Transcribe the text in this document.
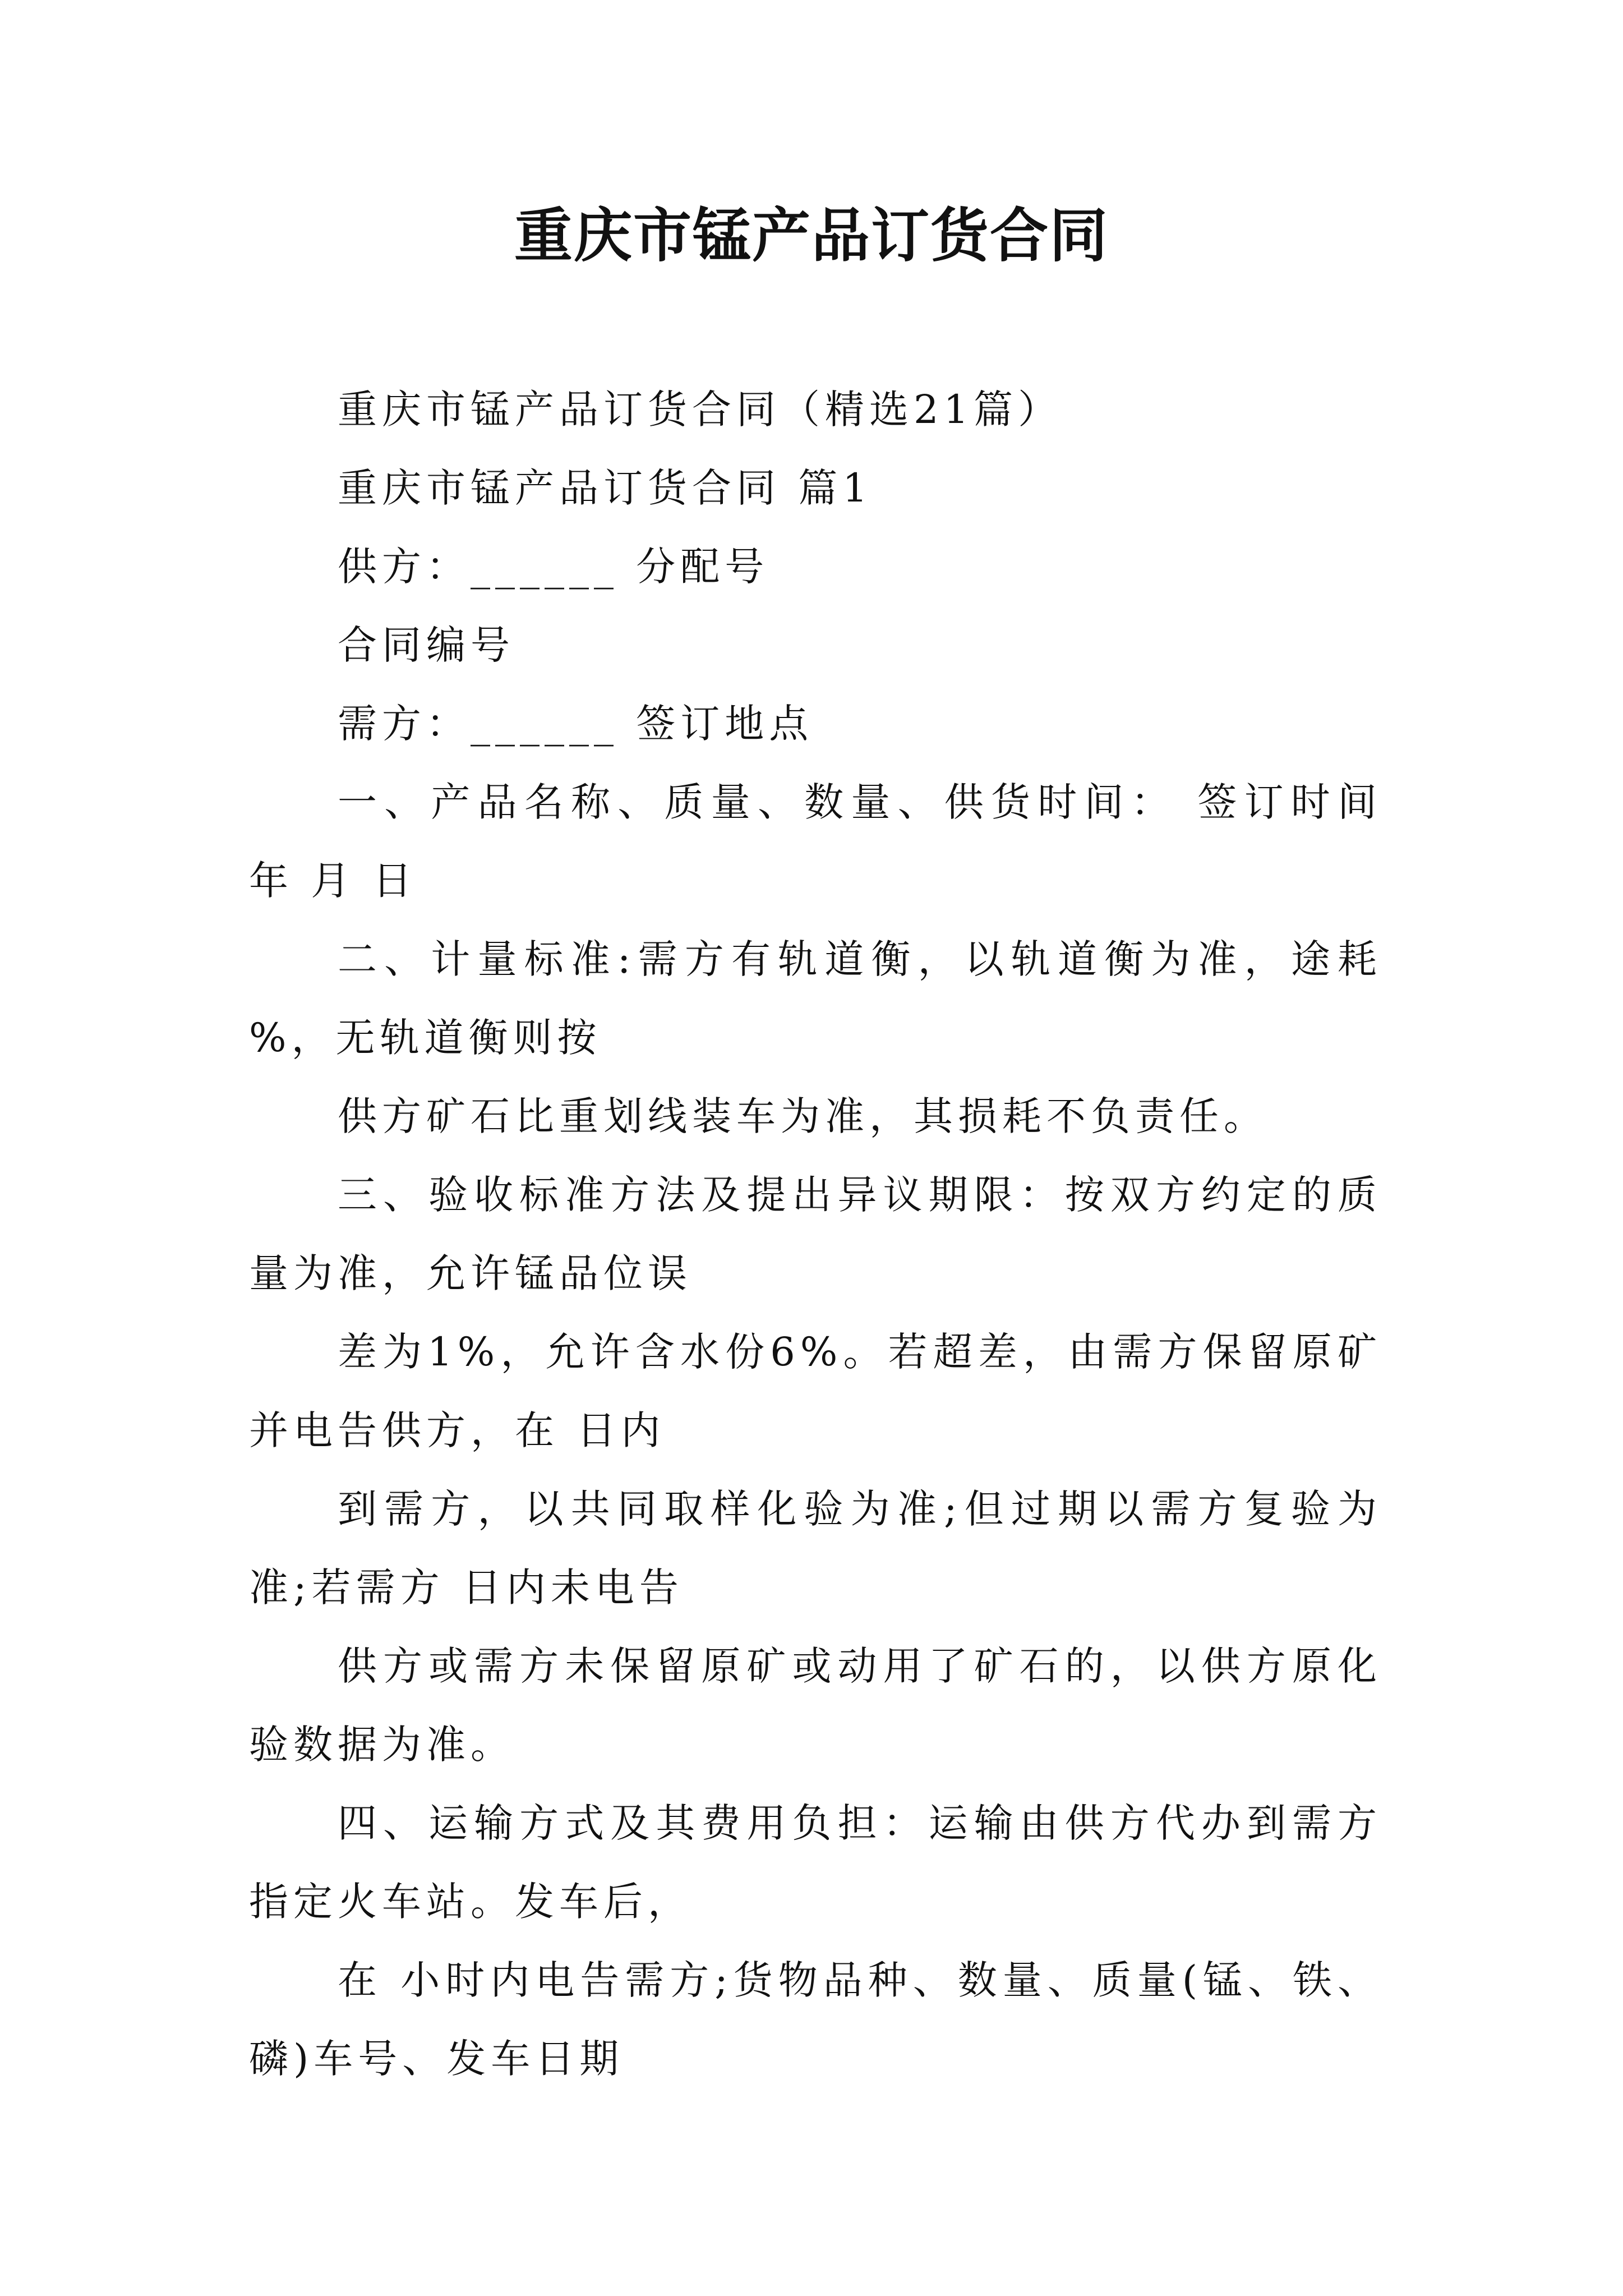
重庆市锰产品订货合同

重庆市锰产品订货合同（精选21篇）

重庆市锰产品订货合同 篇1

供方：______ 分配号

合同编号

需方：______ 签订地点

一、产品名称、质量、数量、供货时间： 签订时间 年 月 日

二、计量标准:需方有轨道衡，以轨道衡为准，途耗 %，无轨道衡则按

供方矿石比重划线装车为准，其损耗不负责任。

三、验收标准方法及提出异议期限：按双方约定的质量为准，允许锰品位误

差为1%，允许含水份6%。若超差，由需方保留原矿并电告供方，在 日内

到需方，以共同取样化验为准;但过期以需方复验为准;若需方 日内未电告

供方或需方未保留原矿或动用了矿石的，以供方原化验数据为准。

四、运输方式及其费用负担：运输由供方代办到需方指定火车站。发车后，

在 小时内电告需方;货物品种、数量、质量(锰、铁、磷)车号、发车日期
